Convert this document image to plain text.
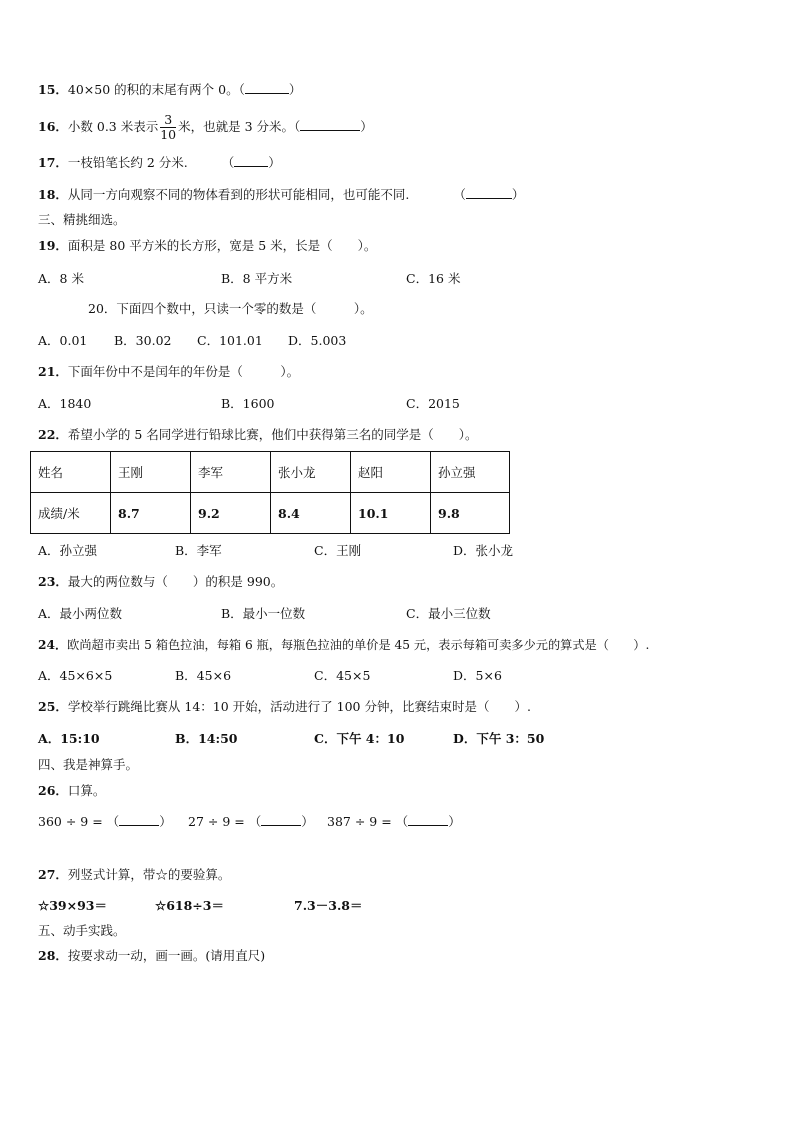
15．40×50 的积的末尾有两个 0。（	）
16．小数 0.3 米表示 $\frac{3}{10}$ 米，也就是 3 分米。（	）
17．一枝铅笔长约 2 分米.	（	）
18．从同一方向观察不同的物体看到的形状可能相同，也可能不同.	（	）
三、精挑细选。
19．面积是 80 平方米的长方形，宽是 5 米，长是（　　）。
A．8 米	B．8 平方米	C．16 米
20．下面四个数中，只读一个零的数是（　　　）。
A．0.01 B．30.02 C．101.01 D．5.003
21．下面年份中不是闰年的年份是（　　　）。
A．1840	B．1600	C．2015
22．希望小学的 5 名同学进行铅球比赛，他们中获得第三名的同学是（　　）。
姓名	王刚	李军	张小龙	赵阳	孙立强
成绩/米	8.7	9.2	8.4	10.1	9.8
A．孙立强	B．李军	C．王刚	D．张小龙
23．最大的两位数与（　　）的积是 990。
A．最小两位数	B．最小一位数	C．最小三位数
24．欧尚超市卖出 5 箱色拉油，每箱 6 瓶，每瓶色拉油的单价是 45 元，表示每箱可卖多少元的算式是（　　）.
A．45×6×5	B．45×6	C．45×5	D．5×6
25．学校举行跳绳比赛从 14：10 开始，活动进行了 100 分钟，比赛结束时是（　　）.
A．15:10	B．14:50	C．下午 4：10	D．下午 3：50
四、我是神算手。
26．口算。
360 ÷ 9 = （	） 27 ÷ 9 = （	） 387 ÷ 9 = （	）
27．列竖式计算，带☆的要验算。
☆39×93＝	☆618÷3＝	7.3－3.8＝
五、动手实践。
28．按要求动一动，画一画。(请用直尺)
